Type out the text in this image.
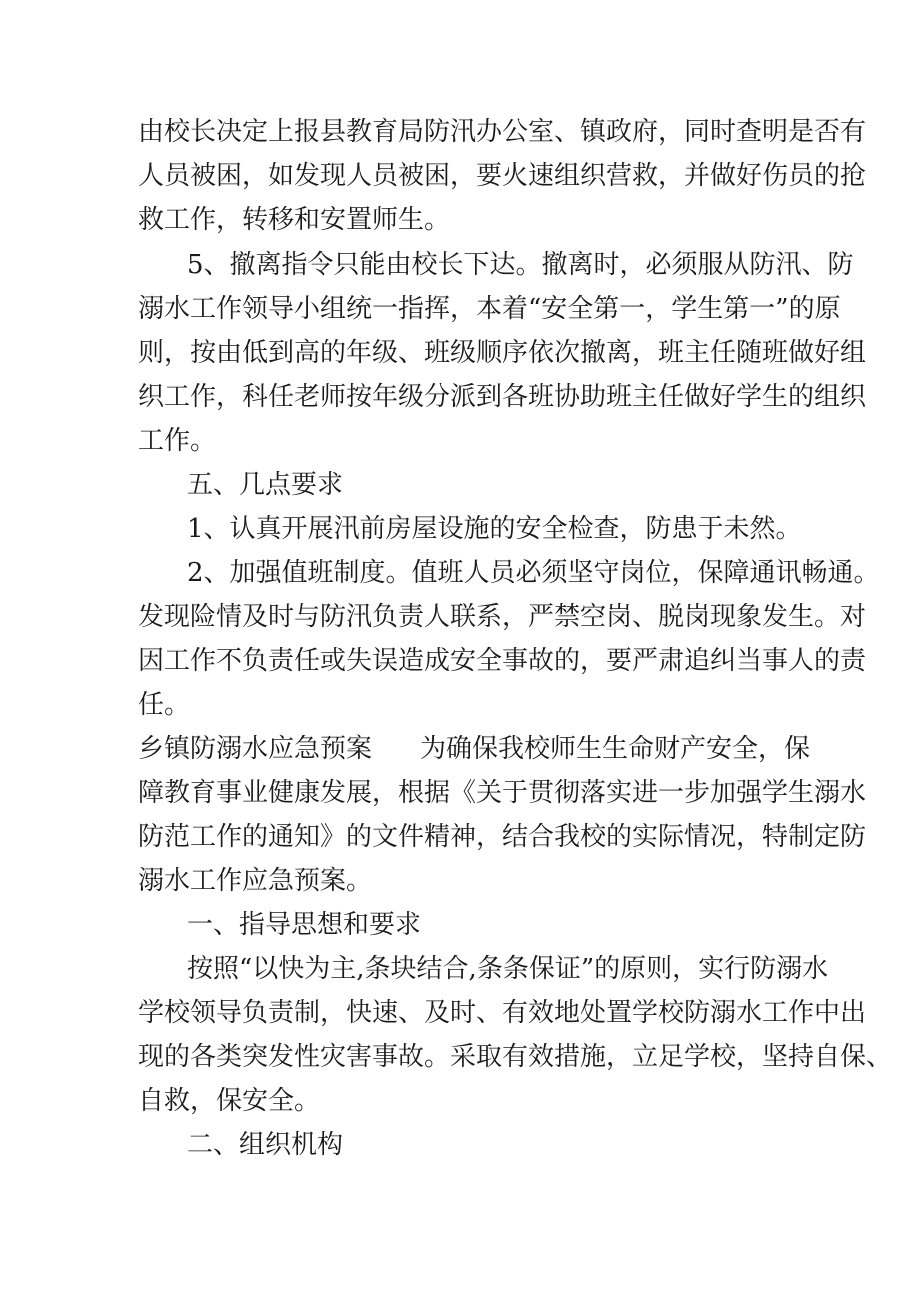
由校长决定上报县教育局防汛办公室、镇政府，同时查明是否有
人员被困，如发现人员被困，要火速组织营救，并做好伤员的抢
救工作，转移和安置师生。
5、撤离指令只能由校长下达。撤离时，必须服从防汛、防
溺水工作领导小组统一指挥，本着“安全第一，学生第一”的原
则，按由低到高的年级、班级顺序依次撤离，班主任随班做好组
织工作，科任老师按年级分派到各班协助班主任做好学生的组织
工作。
五、几点要求
1、认真开展汛前房屋设施的安全检查，防患于未然。
2、加强值班制度。值班人员必须坚守岗位，保障通讯畅通。
发现险情及时与防汛负责人联系，严禁空岗、脱岗现象发生。对
因工作不负责任或失误造成安全事故的，要严肃追纠当事人的责
任。
乡镇防溺水应急预案 为确保我校师生生命财产安全，保
障教育事业健康发展，根据《关于贯彻落实进一步加强学生溺水
防范工作的通知》的文件精神，结合我校的实际情况，特制定防
溺水工作应急预案。
一、指导思想和要求
按照“以快为主,条块结合,条条保证”的原则，实行防溺水
学校领导负责制，快速、及时、有效地处置学校防溺水工作中出
现的各类突发性灾害事故。采取有效措施，立足学校，坚持自保、
自救，保安全。
二、组织机构
